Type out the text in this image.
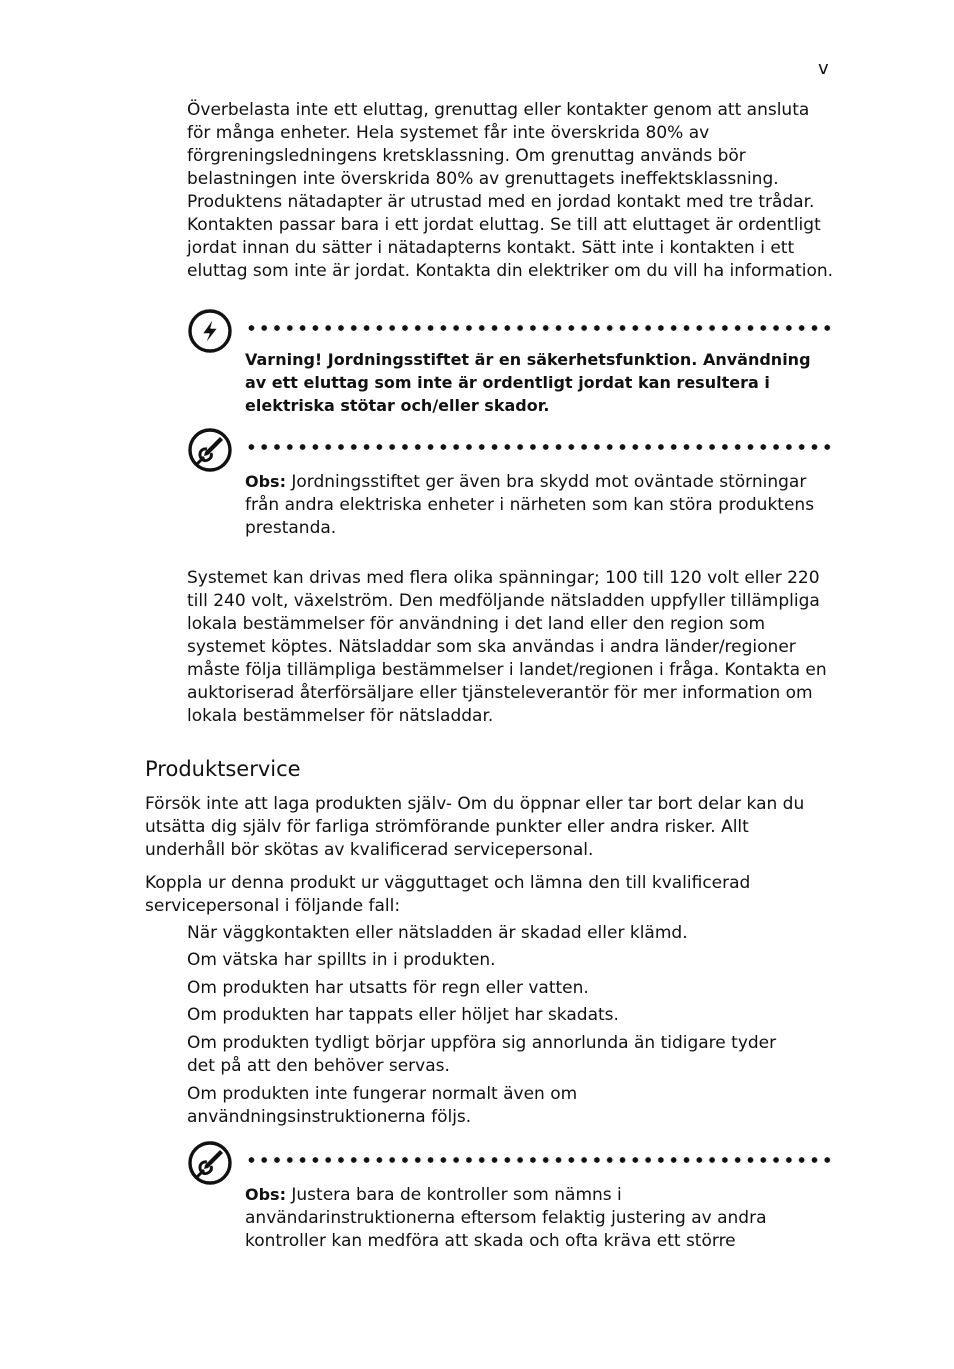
v

Överbelasta inte ett eluttag, grenuttag eller kontakter genom att ansluta för många enheter. Hela systemet får inte överskrida 80% av förgreningsledningens kretsklassning. Om grenuttag används bör belastningen inte överskrida 80% av grenuttagets ineffektsklassning.

Produktens nätadapter är utrustad med en jordad kontakt med tre trådar. Kontakten passar bara i ett jordat eluttag. Se till att eluttaget är ordentligt jordat innan du sätter i nätadapterns kontakt. Sätt inte i kontakten i ett eluttag som inte är jordat. Kontakta din elektriker om du vill ha information.

Varning! Jordningsstiftet är en säkerhetsfunktion. Användning av ett eluttag som inte är ordentligt jordat kan resultera i elektriska stötar och/eller skador.

Obs: Jordningsstiftet ger även bra skydd mot oväntade störningar från andra elektriska enheter i närheten som kan störa produktens prestanda.

Systemet kan drivas med flera olika spänningar; 100 till 120 volt eller 220 till 240 volt, växelström. Den medföljande nätsladden uppfyller tillämpliga lokala bestämmelser för användning i det land eller den region som systemet köptes. Nätsladdar som ska användas i andra länder/regioner måste följa tillämpliga bestämmelser i landet/regionen i fråga. Kontakta en auktoriserad återförsäljare eller tjänsteleverantör för mer information om lokala bestämmelser för nätsladdar.

Produktservice

Försök inte att laga produkten själv- Om du öppnar eller tar bort delar kan du utsätta dig själv för farliga strömförande punkter eller andra risker. Allt underhåll bör skötas av kvalificerad servicepersonal.

Koppla ur denna produkt ur vägguttaget och lämna den till kvalificerad servicepersonal i följande fall:

När väggkontakten eller nätsladden är skadad eller klämd.

Om vätska har spillts in i produkten.

Om produkten har utsatts för regn eller vatten.

Om produkten har tappats eller höljet har skadats.

Om produkten tydligt börjar uppföra sig annorlunda än tidigare tyder det på att den behöver servas.

Om produkten inte fungerar normalt även om användningsinstruktionerna följs.

Obs: Justera bara de kontroller som nämns i användarinstruktionerna eftersom felaktig justering av andra kontroller kan medföra att skada och ofta kräva ett större
